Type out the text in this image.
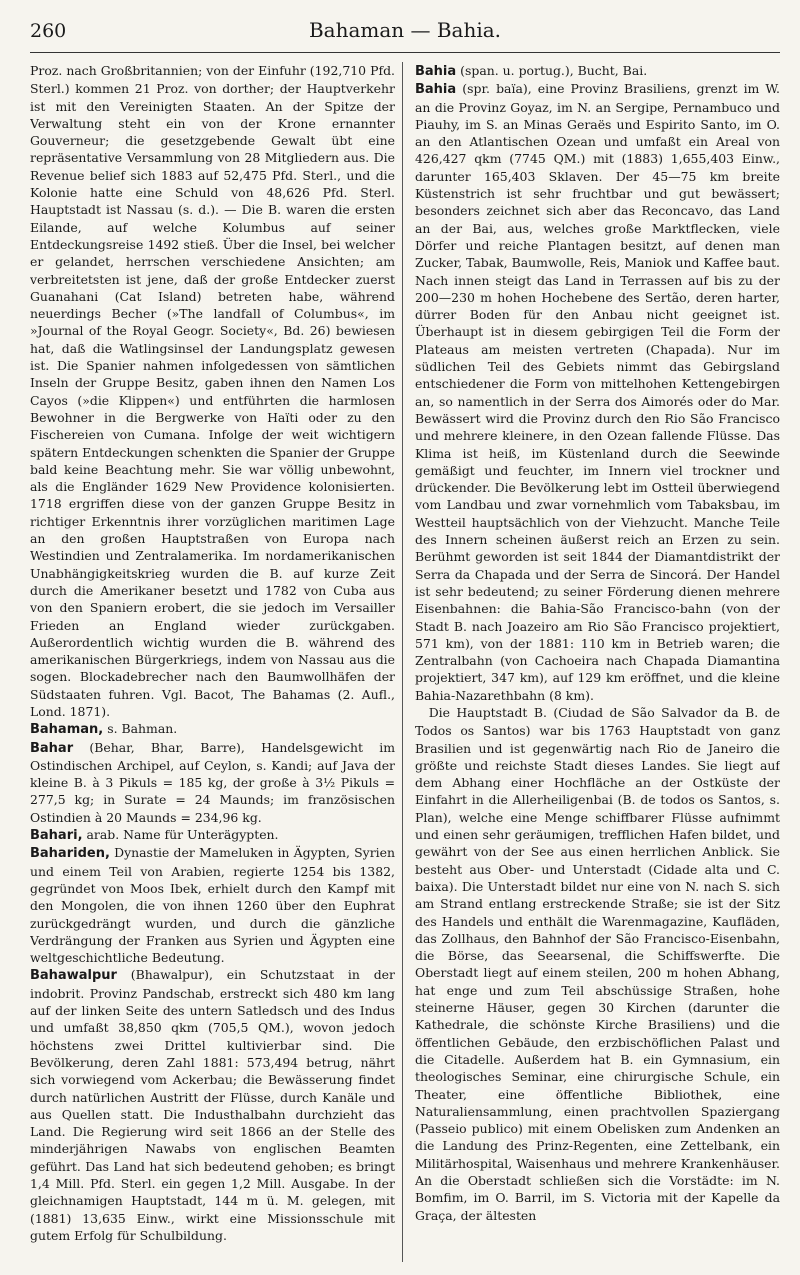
260	Bahaman — Bahia.

Proz. nach Großbritannien; von der Einfuhr (192,710 Pfd. Sterl.) kommen 21 Proz. von dorther; der Hauptverkehr ist mit den Vereinigten Staaten. An der Spitze der Verwaltung steht ein von der Krone ernannter Gouverneur; die gesetzgebende Gewalt übt eine repräsentative Versammlung von 28 Mitgliedern aus. Die Revenue belief sich 1883 auf 52,475 Pfd. Sterl., und die Kolonie hatte eine Schuld von 48,626 Pfd. Sterl. Hauptstadt ist Nassau (s. d.). — Die B. waren die ersten Eilande, auf welche Kolumbus auf seiner Entdeckungsreise 1492 stieß. Über die Insel, bei welcher er gelandet, herrschen verschiedene Ansichten; am verbreitetsten ist jene, daß der große Entdecker zuerst Guanahani (Cat Island) betreten habe, während neuerdings Becher (»The landfall of Columbus«, im »Journal of the Royal Geogr. Society«, Bd. 26) bewiesen hat, daß die Watlingsinsel der Landungsplatz gewesen ist. Die Spanier nahmen infolgedessen von sämtlichen Inseln der Gruppe Besitz, gaben ihnen den Namen Los Cayos (»die Klippen«) und entführten die harmlosen Bewohner in die Bergwerke von Haïti oder zu den Fischereien von Cumana. Infolge der weit wichtigern spätern Entdeckungen schenkten die Spanier der Gruppe bald keine Beachtung mehr. Sie war völlig unbewohnt, als die Engländer 1629 New Providence kolonisierten. 1718 ergriffen diese von der ganzen Gruppe Besitz in richtiger Erkenntnis ihrer vorzüglichen maritimen Lage an den großen Hauptstraßen von Europa nach Westindien und Zentralamerika. Im nordamerikanischen Unabhängigkeitskrieg wurden die B. auf kurze Zeit durch die Amerikaner besetzt und 1782 von Cuba aus von den Spaniern erobert, die sie jedoch im Versailler Frieden an England wieder zurückgaben. Außerordentlich wichtig wurden die B. während des amerikanischen Bürgerkriegs, indem von Nassau aus die sogen. Blockadebrecher nach den Baumwollhäfen der Südstaaten fuhren. Vgl. Bacot, The Bahamas (2. Aufl., Lond. 1871).

Bahaman, s. Bahman.

Bahar (Behar, Bhar, Barre), Handelsgewicht im Ostindischen Archipel, auf Ceylon, s. Kandi; auf Java der kleine B. à 3 Pikuls = 185 kg, der große à 3½ Pikuls = 277,5 kg; in Surate = 24 Maunds; im französischen Ostindien à 20 Maunds = 234,96 kg.

Bahari, arab. Name für Unterägypten.

Bahariden, Dynastie der Mameluken in Ägypten, Syrien und einem Teil von Arabien, regierte 1254 bis 1382, gegründet von Moos Ibek, erhielt durch den Kampf mit den Mongolen, die von ihnen 1260 über den Euphrat zurückgedrängt wurden, und durch die gänzliche Verdrängung der Franken aus Syrien und Ägypten eine weltgeschichtliche Bedeutung.

Bahawalpur (Bhawalpur), ein Schutzstaat in der indobrit. Provinz Pandschab, erstreckt sich 480 km lang auf der linken Seite des untern Satledsch und des Indus und umfaßt 38,850 qkm (705,5 QM.), wovon jedoch höchstens zwei Drittel kultivierbar sind. Die Bevölkerung, deren Zahl 1881: 573,494 betrug, nährt sich vorwiegend vom Ackerbau; die Bewässerung findet durch natürlichen Austritt der Flüsse, durch Kanäle und aus Quellen statt. Die Industhalbahn durchzieht das Land. Die Regierung wird seit 1866 an der Stelle des minderjährigen Nawabs von englischen Beamten geführt. Das Land hat sich bedeutend gehoben; es bringt 1,4 Mill. Pfd. Sterl. ein gegen 1,2 Mill. Ausgabe. In der gleichnamigen Hauptstadt, 144 m ü. M. gelegen, mit (1881) 13,635 Einw., wirkt eine Missionsschule mit gutem Erfolg für Schulbildung.

Bahia (span. u. portug.), Bucht, Bai.

Bahia (spr. baïa), eine Provinz Brasiliens, grenzt im W. an die Provinz Goyaz, im N. an Sergipe, Pernambuco und Piauhy, im S. an Minas Geraës und Espirito Santo, im O. an den Atlantischen Ozean und umfaßt ein Areal von 426,427 qkm (7745 QM.) mit (1883) 1,655,403 Einw., darunter 165,403 Sklaven. Der 45—75 km breite Küstenstrich ist sehr fruchtbar und gut bewässert; besonders zeichnet sich aber das Reconcavo, das Land an der Bai, aus, welches große Marktflecken, viele Dörfer und reiche Plantagen besitzt, auf denen man Zucker, Tabak, Baumwolle, Reis, Maniok und Kaffee baut. Nach innen steigt das Land in Terrassen auf bis zu der 200—230 m hohen Hochebene des Sertão, deren harter, dürrer Boden für den Anbau nicht geeignet ist. Überhaupt ist in diesem gebirgigen Teil die Form der Plateaus am meisten vertreten (Chapada). Nur im südlichen Teil des Gebiets nimmt das Gebirgsland entschiedener die Form von mittelhohen Kettengebirgen an, so namentlich in der Serra dos Aimorés oder do Mar. Bewässert wird die Provinz durch den Rio São Francisco und mehrere kleinere, in den Ozean fallende Flüsse. Das Klima ist heiß, im Küstenland durch die Seewinde gemäßigt und feuchter, im Innern viel trockner und drückender. Die Bevölkerung lebt im Ostteil überwiegend vom Landbau und zwar vornehmlich vom Tabaksbau, im Westteil hauptsächlich von der Viehzucht. Manche Teile des Innern scheinen äußerst reich an Erzen zu sein. Berühmt geworden ist seit 1844 der Diamantdistrikt der Serra da Chapada und der Serra de Sincorá. Der Handel ist sehr bedeutend; zu seiner Förderung dienen mehrere Eisenbahnen: die Bahia-São Francisco-bahn (von der Stadt B. nach Joazeiro am Rio São Francisco projektiert, 571 km), von der 1881: 110 km in Betrieb waren; die Zentralbahn (von Cachoeira nach Chapada Diamantina projektiert, 347 km), auf 129 km eröffnet, und die kleine Bahia-Nazarethbahn (8 km).

Die Hauptstadt B. (Ciudad de São Salvador da B. de Todos os Santos) war bis 1763 Hauptstadt von ganz Brasilien und ist gegenwärtig nach Rio de Janeiro die größte und reichste Stadt dieses Landes. Sie liegt auf dem Abhang einer Hochfläche an der Ostküste der Einfahrt in die Allerheiligenbai (B. de todos os Santos, s. Plan), welche eine Menge schiffbarer Flüsse aufnimmt und einen sehr geräumigen, trefflichen Hafen bildet, und gewährt von der See aus einen herrlichen Anblick. Sie besteht aus Ober- und Unterstadt (Cidade alta und C. baixa). Die Unterstadt bildet nur eine von N. nach S. sich am Strand entlang erstreckende Straße; sie ist der Sitz des Handels und enthält die Warenmagazine, Kaufläden, das Zollhaus, den Bahnhof der São Francisco-Eisenbahn, die Börse, das Seearsenal, die Schiffswerfte. Die Oberstadt liegt auf einem steilen, 200 m hohen Abhang, hat enge und zum Teil abschüssige Straßen, hohe steinerne Häuser, gegen 30 Kirchen (darunter die Kathedrale, die schönste Kirche Brasiliens) und die öffentlichen Gebäude, den erzbischöflichen Palast und die Citadelle. Außerdem hat B. ein Gymnasium, ein theologisches Seminar, eine chirurgische Schule, ein Theater, eine öffentliche Bibliothek, eine Naturaliensammlung, einen prachtvollen Spaziergang (Passeio publico) mit einem Obelisken zum Andenken an die Landung des Prinz-Regenten, eine Zettelbank, ein Militärhospital, Waisenhaus und mehrere Krankenhäuser. An die Oberstadt schließen sich die Vorstädte: im N. Bomfim, im O. Barril, im S. Victoria mit der Kapelle da Graça, der ältesten
